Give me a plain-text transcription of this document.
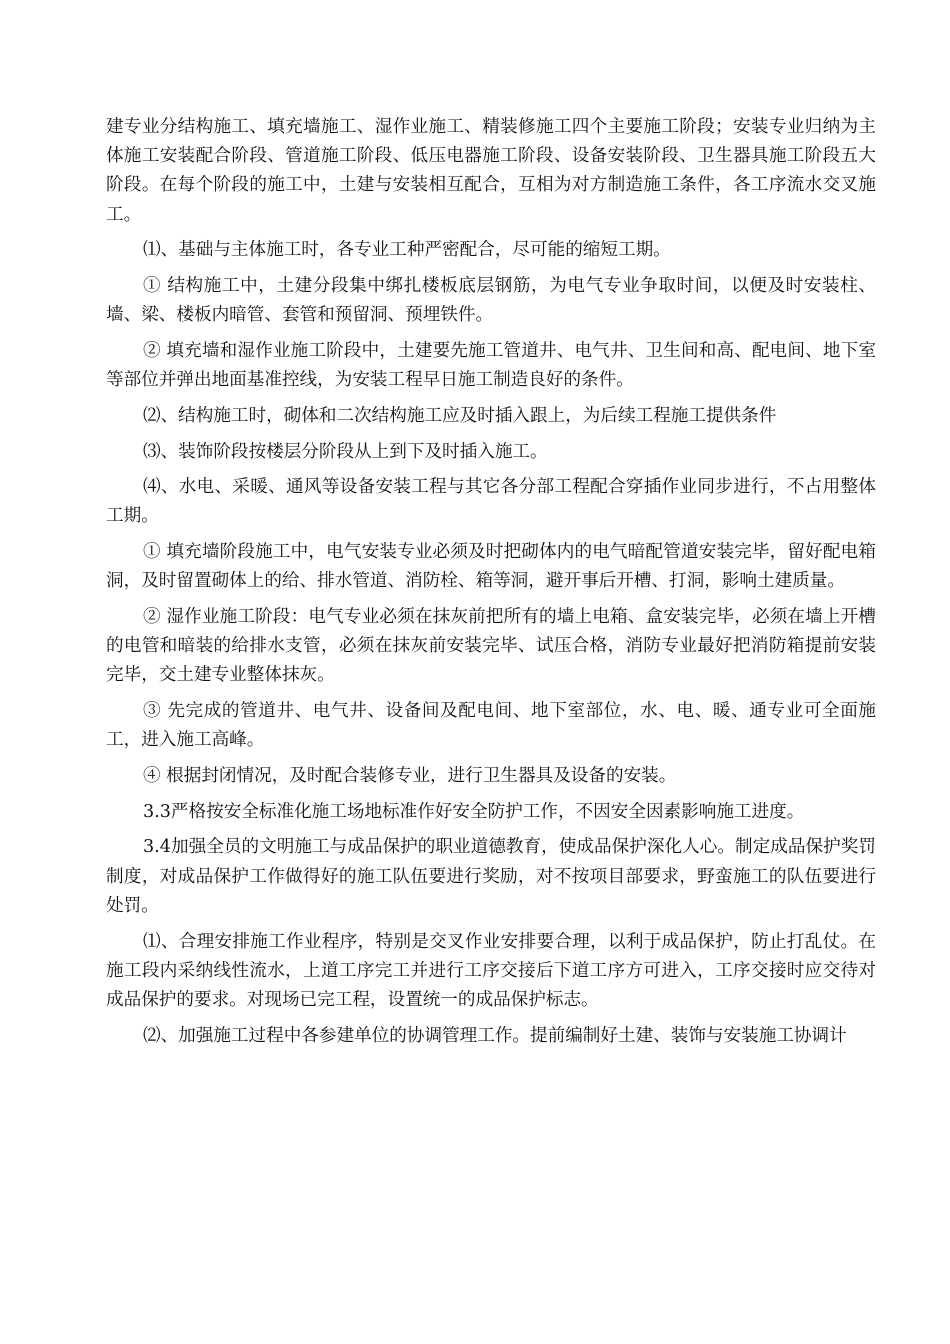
建专业分结构施工、填充墙施工、湿作业施工、精装修施工四个主要施工阶段；安装专业归纳为主体施工安装配合阶段、管道施工阶段、低压电器施工阶段、设备安装阶段、卫生器具施工阶段五大阶段。在每个阶段的施工中，土建与安装相互配合，互相为对方制造施工条件，各工序流水交叉施工。

⑴、基础与主体施工时，各专业工种严密配合，尽可能的缩短工期。

① 结构施工中，土建分段集中绑扎楼板底层钢筋，为电气专业争取时间，以便及时安装柱、墙、梁、楼板内暗管、套管和预留洞、预埋铁件。

② 填充墙和湿作业施工阶段中，土建要先施工管道井、电气井、卫生间和高、配电间、地下室等部位并弹出地面基准控线，为安装工程早日施工制造良好的条件。

⑵、结构施工时，砌体和二次结构施工应及时插入跟上，为后续工程施工提供条件

⑶、装饰阶段按楼层分阶段从上到下及时插入施工。

⑷、水电、采暖、通风等设备安装工程与其它各分部工程配合穿插作业同步进行，不占用整体工期。

① 填充墙阶段施工中，电气安装专业必须及时把砌体内的电气暗配管道安装完毕，留好配电箱洞，及时留置砌体上的给、排水管道、消防栓、箱等洞，避开事后开槽、打洞，影响土建质量。

② 湿作业施工阶段：电气专业必须在抹灰前把所有的墙上电箱、盒安装完毕，必须在墙上开槽的电管和暗装的给排水支管，必须在抹灰前安装完毕、试压合格，消防专业最好把消防箱提前安装完毕，交土建专业整体抹灰。

③ 先完成的管道井、电气井、设备间及配电间、地下室部位，水、电、暖、通专业可全面施工，进入施工高峰。

④ 根据封闭情况，及时配合装修专业，进行卫生器具及设备的安装。

3.3严格按安全标准化施工场地标准作好安全防护工作，不因安全因素影响施工进度。

3.4加强全员的文明施工与成品保护的职业道德教育，使成品保护深化人心。制定成品保护奖罚制度，对成品保护工作做得好的施工队伍要进行奖励，对不按项目部要求，野蛮施工的队伍要进行处罚。

⑴、合理安排施工作业程序，特别是交叉作业安排要合理，以利于成品保护，防止打乱仗。在施工段内采纳线性流水，上道工序完工并进行工序交接后下道工序方可进入，工序交接时应交待对成品保护的要求。对现场已完工程，设置统一的成品保护标志。

⑵、加强施工过程中各参建单位的协调管理工作。提前编制好土建、装饰与安装施工协调计
